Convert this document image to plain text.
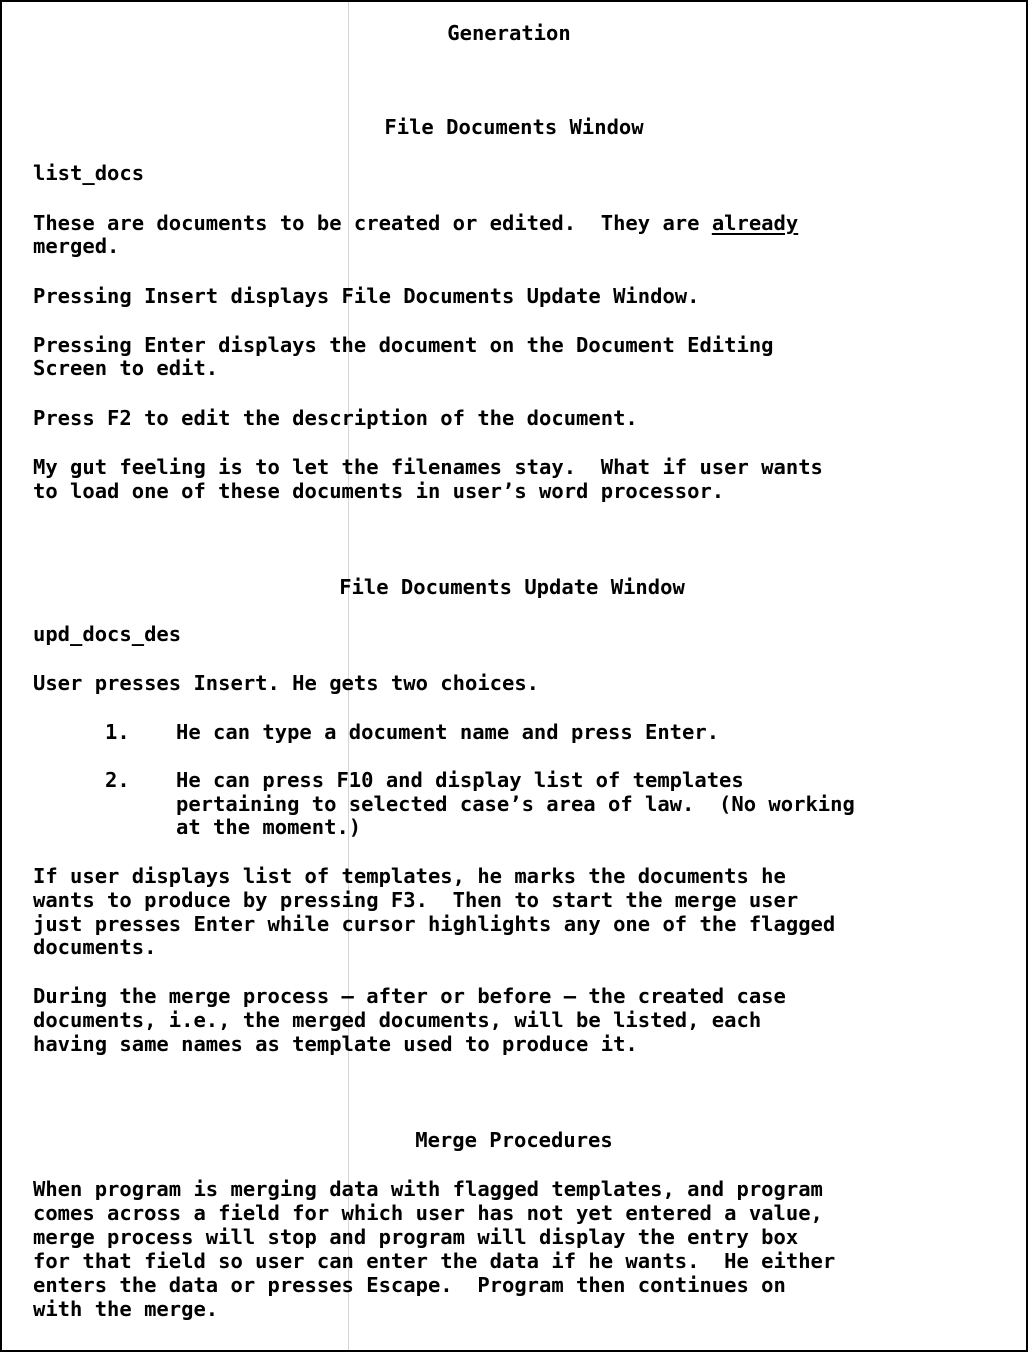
Generation
File Documents Window
list_docs
These are documents to be created or edited.  They are already
merged.
Pressing Insert displays File Documents Update Window.
Pressing Enter displays the document on the Document Editing
Screen to edit.
Press F2 to edit the description of the document.
My gut feeling is to let the filenames stay.  What if user wants
to load one of these documents in user’s word processor.
File Documents Update Window
upd_docs_des
User presses Insert. He gets two choices.
1. He can type a document name and press Enter.
2. He can press F10 and display list of templates
pertaining to selected case’s area of law.  (No working
at the moment.)
If user displays list of templates, he marks the documents he
wants to produce by pressing F3.  Then to start the merge user
just presses Enter while cursor highlights any one of the flagged
documents.
During the merge process – after or before – the created case
documents, i.e., the merged documents, will be listed, each
having same names as template used to produce it.
Merge Procedures
When program is merging data with flagged templates, and program
comes across a field for which user has not yet entered a value,
merge process will stop and program will display the entry box
for that field so user can enter the data if he wants.  He either
enters the data or presses Escape.  Program then continues on
with the merge.
